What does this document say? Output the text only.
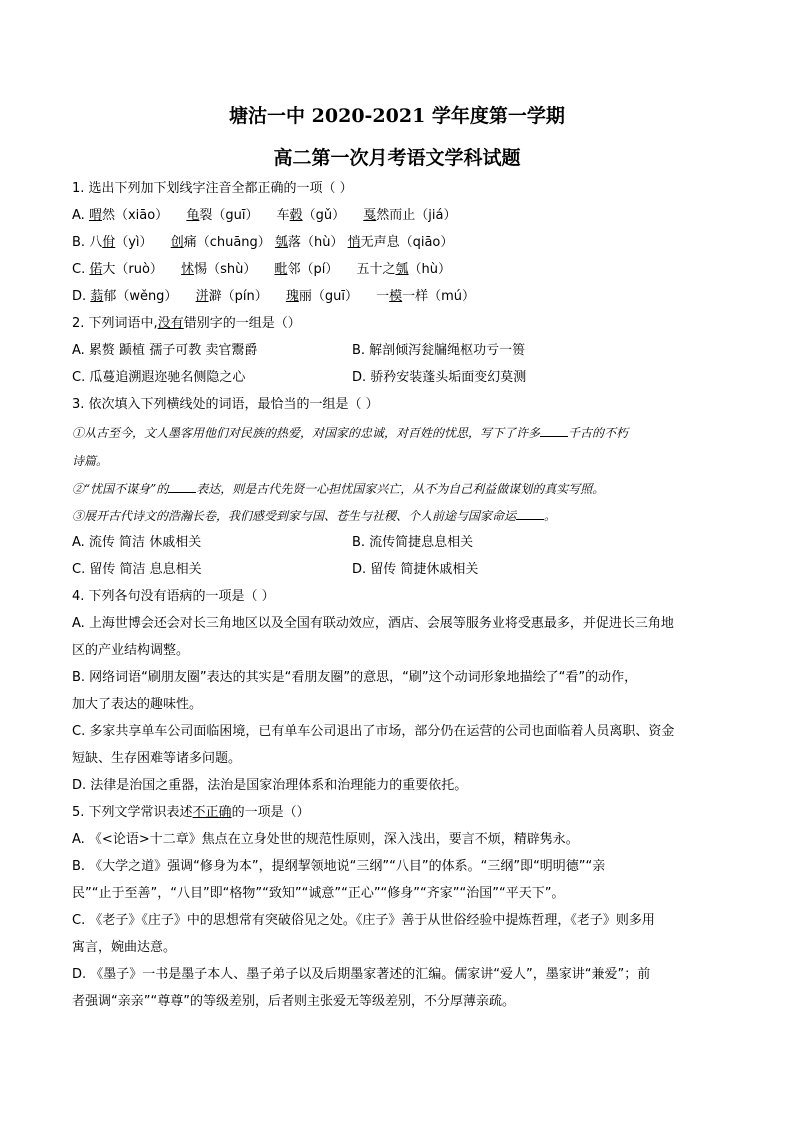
塘沽一中 2020-2021 学年度第一学期
高二第一次月考语文学科试题
1. 选出下列加下划线字注音全都正确的一项（ ）
A. 喟然（xiāo） 龟裂（guī） 车毂（gǔ） 戛然而止（jiá）
B. 八佾（yì） 创痛（chuāng） 瓠落（hù） 悄无声息（qiāo）
C. 偌大（ruò） 怵惕（shù） 毗邻（pí） 五十之瓠（hù）
D. 蓊郁（wěng） 洴澼（pín） 瑰丽（guī） 一模一样（mú）
2. 下列词语中,没有错别字的一组是（）
A. 累赘 踬植 孺子可教 卖官鬻爵	B. 解剖倾泻瓮牖绳枢功亏一篑
C. 瓜蔓追溯遐迩驰名侧隐之心	D. 骄矜安装蓬头垢面变幻莫测
3. 依次填入下列横线处的词语，最恰当的一组是（ ）
①从古至今，文人墨客用他们对民族的热爱，对国家的忠诚，对百姓的忧思，写下了许多 千古的不朽
诗篇。
②“忧国不谋身”的 表达，则是古代先贤一心担忧国家兴亡，从不为自己利益做谋划的真实写照。
③展开古代诗文的浩瀚长卷，我们感受到家与国、苍生与社稷、个人前途与国家命运 。
A. 流传 简洁 休戚相关	B. 流传简捷息息相关
C. 留传 简洁 息息相关	D. 留传 简捷休戚相关
4. 下列各句没有语病的一项是（ ）
A. 上海世博会还会对长三角地区以及全国有联动效应，酒店、会展等服务业将受惠最多，并促进长三角地
区的产业结构调整。
B. 网络词语“刷朋友圈”表达的其实是“看朋友圈”的意思，“刷”这个动词形象地描绘了“看”的动作，
加大了表达的趣味性。
C. 多家共享单车公司面临困境，已有单车公司退出了市场，部分仍在运营的公司也面临着人员离职、资金
短缺、生存困难等诸多问题。
D. 法律是治国之重器，法治是国家治理体系和治理能力的重要依托。
5. 下列文学常识表述不正确的一项是（）
A. 《<论语>十二章》焦点在立身处世的规范性原则，深入浅出，要言不烦，精辟隽永。
B. 《大学之道》强调“修身为本”，提纲挈领地说“三纲”“八目”的体系。“三纲”即“明明德”“亲
民”“止于至善”，“八目”即“格物”“致知”“诚意”“正心”“修身”“齐家”“治国”“平天下”。
C. 《老子》《庄子》中的思想常有突破俗见之处。《庄子》善于从世俗经验中提炼哲理，《老子》则多用
寓言，婉曲达意。
D. 《墨子》一书是墨子本人、墨子弟子以及后期墨家著述的汇编。儒家讲“爱人”，墨家讲“兼爱”；前
者强调“亲亲”“尊尊”的等级差别，后者则主张爱无等级差别，不分厚薄亲疏。
